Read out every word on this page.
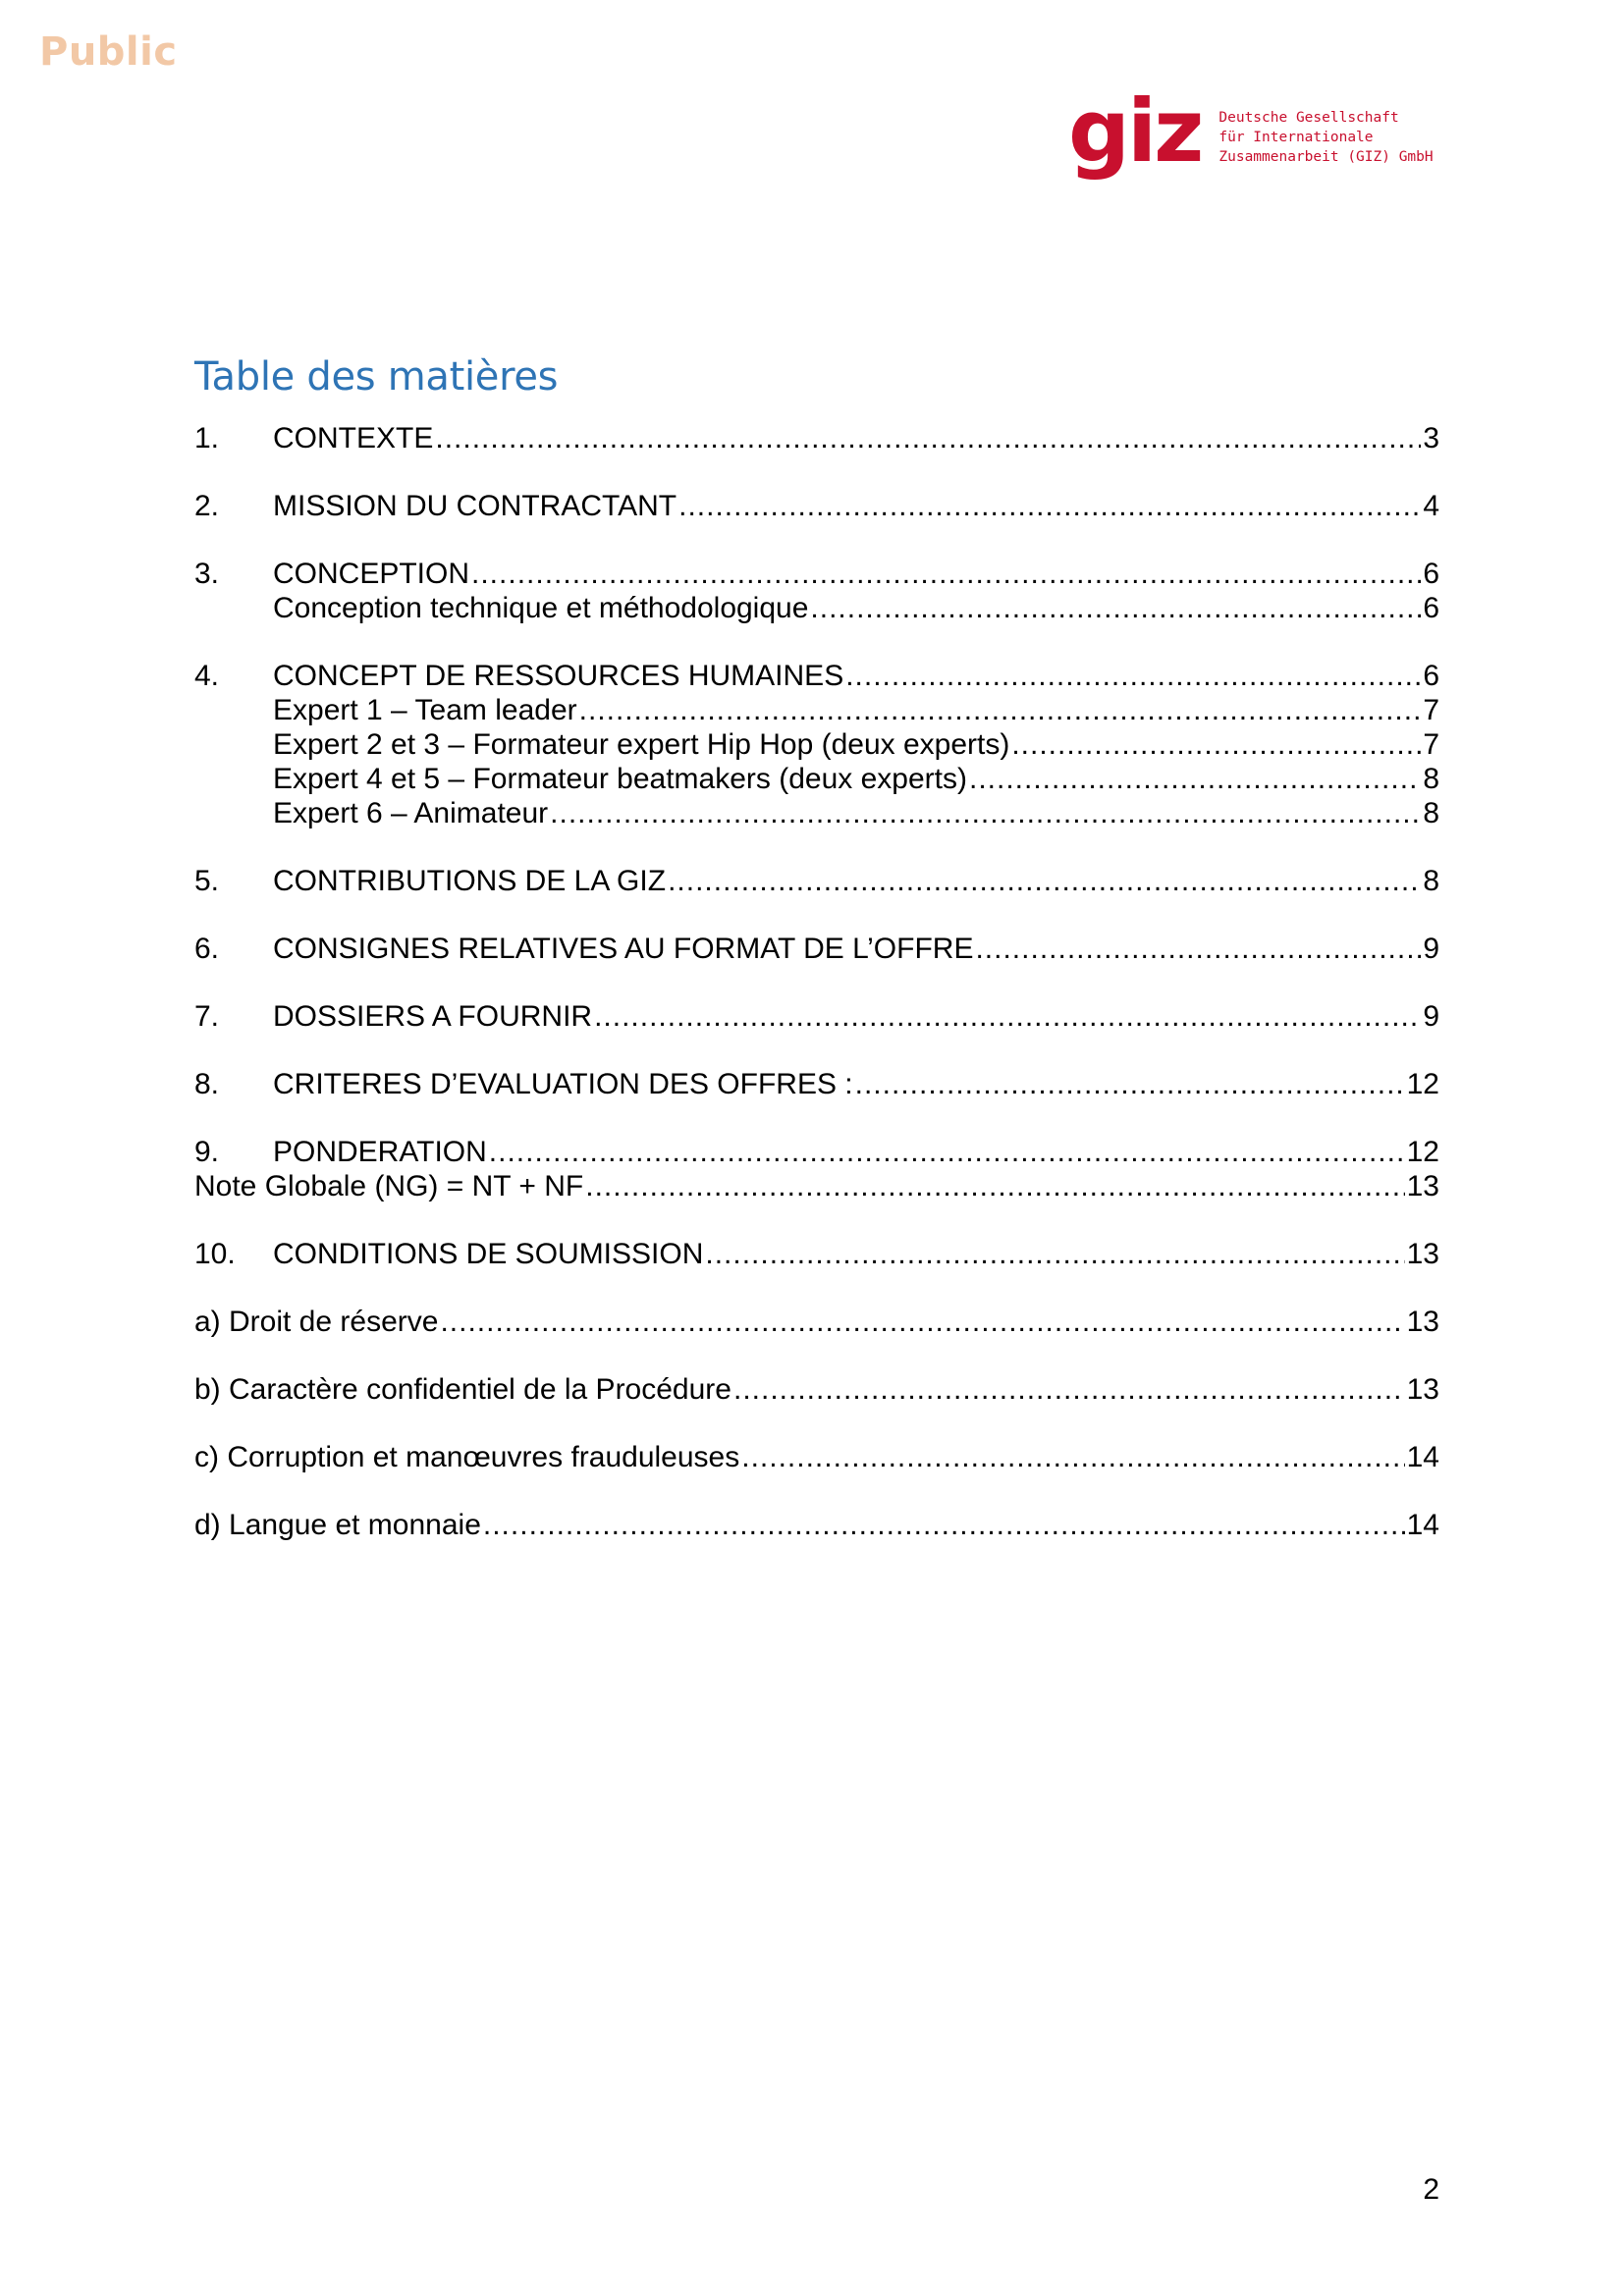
Public
giz Deutsche Gesellschaft
für Internationale
Zusammenarbeit (GIZ) GmbH
Table des matières
1.	CONTEXTE .....	3
2.	MISSION DU CONTRACTANT .....	4
3.	CONCEPTION .....	6
Conception technique et méthodologique .....	6
4.	CONCEPT DE RESSOURCES HUMAINES .....	6
Expert 1 – Team leader .....	7
Expert 2 et 3 – Formateur expert Hip Hop (deux experts) .....	7
Expert 4 et 5 – Formateur beatmakers (deux experts) .....	8
Expert 6 – Animateur .....	8
5.	CONTRIBUTIONS DE LA GIZ .....	8
6.	CONSIGNES RELATIVES AU FORMAT DE L’OFFRE .....	9
7.	DOSSIERS A FOURNIR .....	9
8.	CRITERES D’EVALUATION DES OFFRES : .....	12
9.	PONDERATION .....	12
Note Globale (NG) = NT + NF .....	13
10.	CONDITIONS DE SOUMISSION .....	13
a) Droit de réserve .....	13
b) Caractère confidentiel de la Procédure .....	13
c) Corruption et manœuvres frauduleuses .....	14
d) Langue et monnaie .....	14
2
